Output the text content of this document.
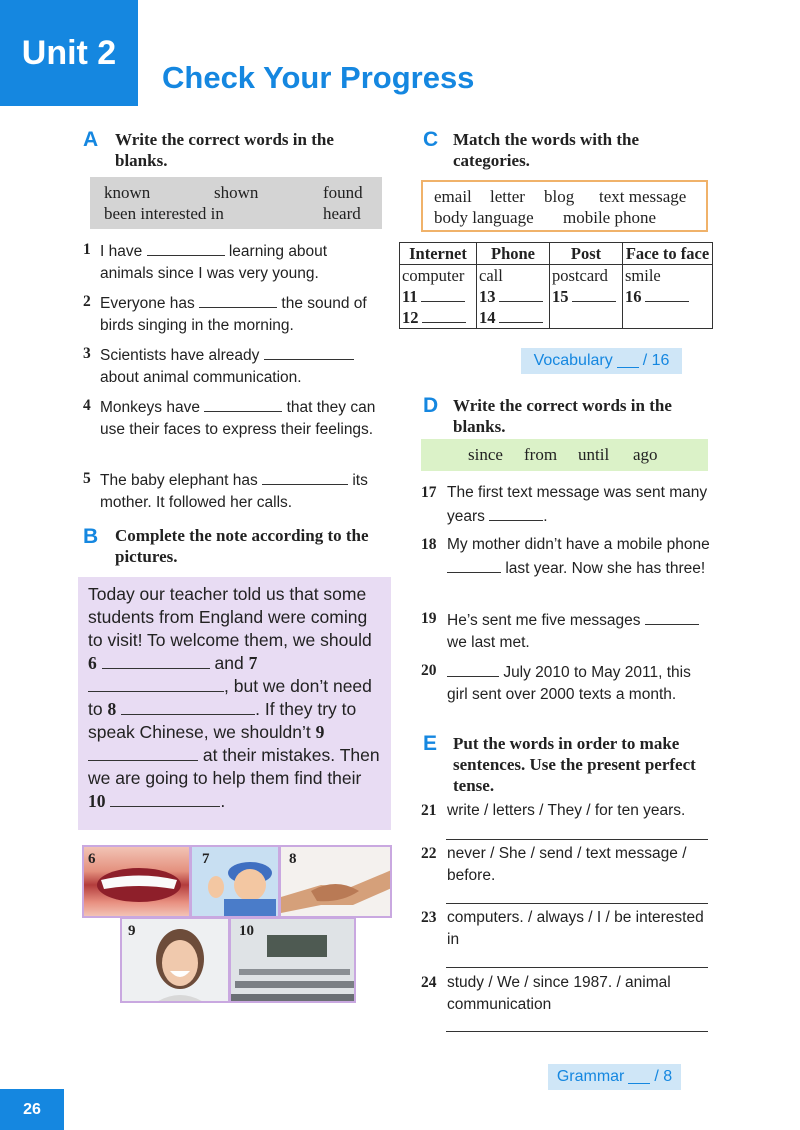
Unit 2
Check Your Progress
A Write the correct words in the blanks.
known	shown	found
been interested in	heard
1 I have	learning about animals since I was very young.
2 Everyone has	the sound of birds singing in the morning.
3 Scientists have already  about animal communication.
4 Monkeys have	that they can use their faces to express their feelings.
5 The baby elephant has	its mother. It followed her calls.
B Complete the note according to the pictures.
Today our teacher told us that some students from England were coming to visit! To welcome them, we should 6	and 7 , but we don’t need to 8	. If they try to speak Chinese, we shouldn’t 9  at their mistakes. Then we are going to help them find their 10	.
6	7	8
9	10
C Match the words with the categories.
email letter blog text message
body language mobile phone
Internet	Phone	Post	Face to face
computer	call	postcard	smile
11	13	15	16
12	14		
Vocabulary / 16
D Write the correct words in the blanks.
since from until ago
17 The first text message was sent many years	.
18 My mother didn’t have a mobile phone  last year. Now she has three!
19 He’s sent me five messages  we last met.
20	July 2010 to May 2011, this girl sent over 2000 texts a month.
E Put the words in order to make sentences. Use the present perfect tense.
21 write / letters / They / for ten years.
22 never / She / send / text message / before.
23 computers. / always / I / be interested in
24 study / We / since 1987. / animal communication
Grammar / 8
26
